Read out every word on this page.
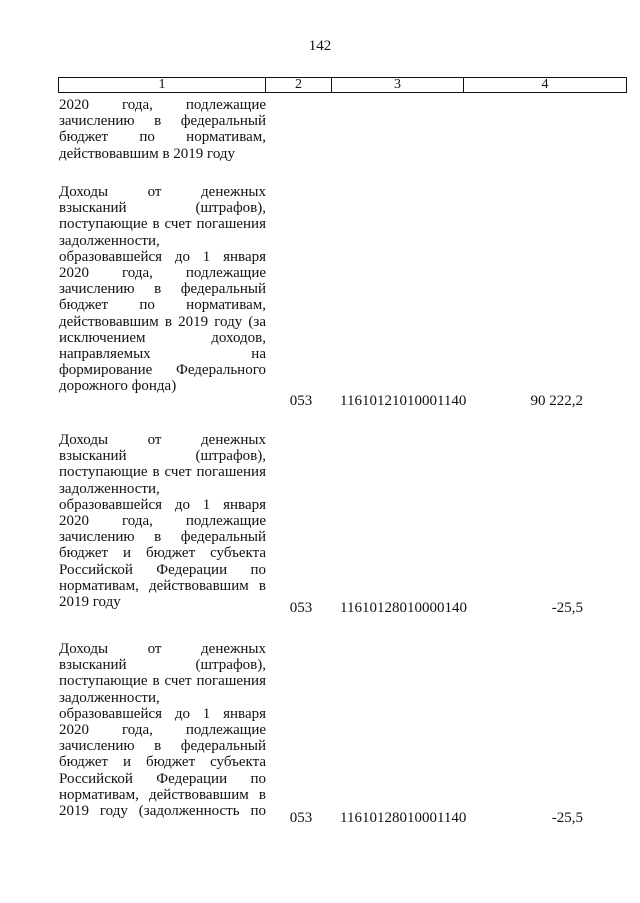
142
1	2	3	4
2020 года, подлежащие
зачислению в федеральный
бюджет по нормативам,
действовавшим в 2019 году
Доходы от денежных
взысканий (штрафов),
поступающие в счет погашения
задолженности,
образовавшейся до 1 января
2020 года, подлежащие
зачислению в федеральный
бюджет по нормативам,
действовавшим в 2019 году (за
исключением доходов,
направляемых на
формирование Федерального
дорожного фонда)
053	11610121010001140	90 222,2
Доходы от денежных
взысканий (штрафов),
поступающие в счет погашения
задолженности,
образовавшейся до 1 января
2020 года, подлежащие
зачислению в федеральный
бюджет и бюджет субъекта
Российской Федерации по
нормативам, действовавшим в
2019 году	053	11610128010000140	-25,5
Доходы от денежных
взысканий (штрафов),
поступающие в счет погашения
задолженности,
образовавшейся до 1 января
2020 года, подлежащие
зачислению в федеральный
бюджет и бюджет субъекта
Российской Федерации по
нормативам, действовавшим в
2019 году (задолженность по	053	11610128010001140	-25,5
